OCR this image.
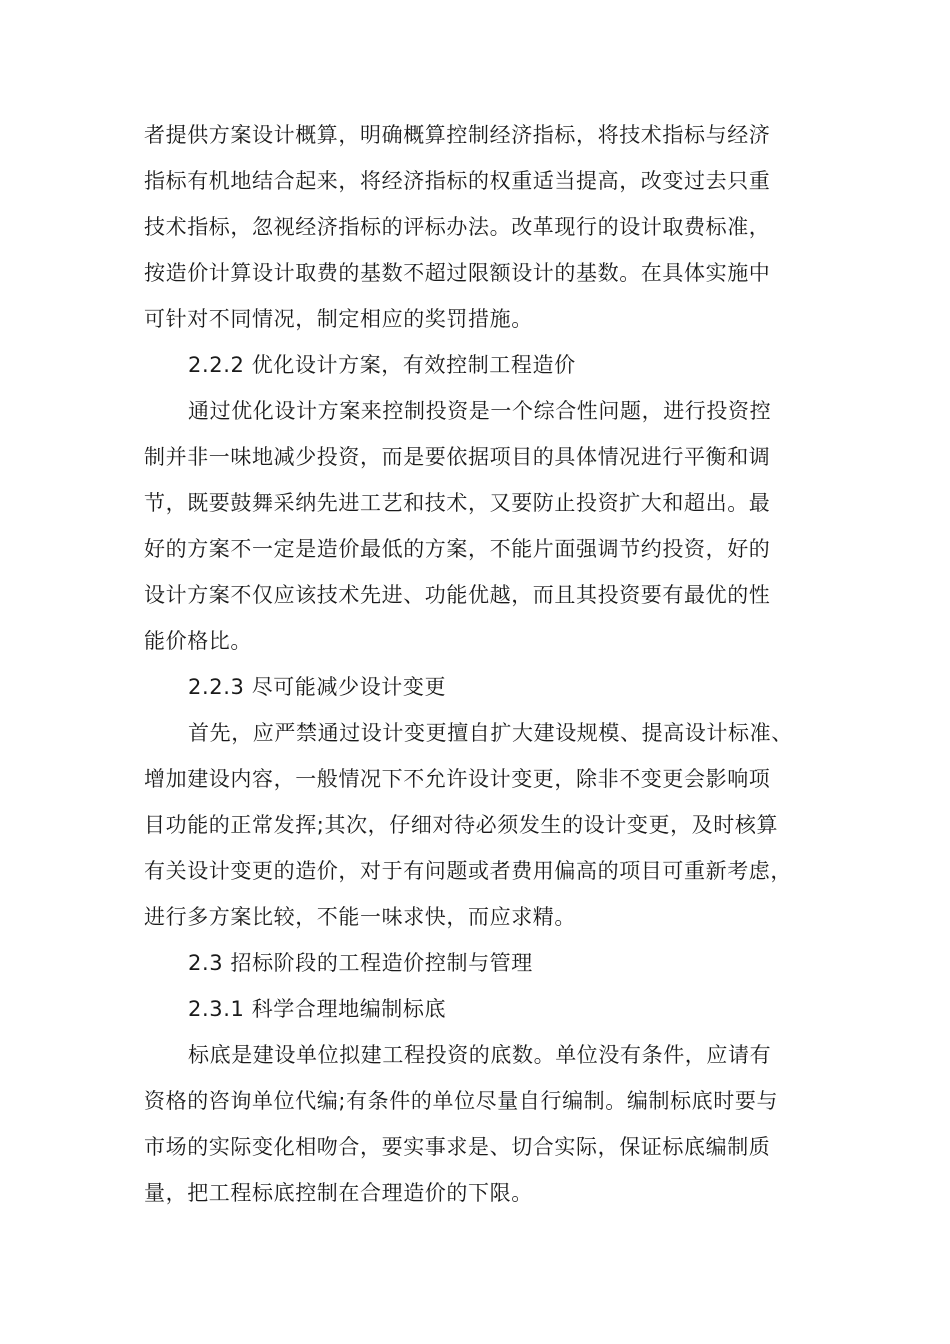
者提供方案设计概算，明确概算控制经济指标，将技术指标与经济
指标有机地结合起来，将经济指标的权重适当提高，改变过去只重
技术指标，忽视经济指标的评标办法。改革现行的设计取费标准，
按造价计算设计取费的基数不超过限额设计的基数。在具体实施中
可针对不同情况，制定相应的奖罚措施。
2.2.2 优化设计方案，有效控制工程造价
通过优化设计方案来控制投资是一个综合性问题，进行投资控
制并非一味地减少投资，而是要依据项目的具体情况进行平衡和调
节，既要鼓舞采纳先进工艺和技术，又要防止投资扩大和超出。最
好的方案不一定是造价最低的方案，不能片面强调节约投资，好的
设计方案不仅应该技术先进、功能优越，而且其投资要有最优的性
能价格比。
2.2.3 尽可能减少设计变更
首先，应严禁通过设计变更擅自扩大建设规模、提高设计标准、
增加建设内容，一般情况下不允许设计变更，除非不变更会影响项
目功能的正常发挥;其次，仔细对待必须发生的设计变更，及时核算
有关设计变更的造价，对于有问题或者费用偏高的项目可重新考虑，
进行多方案比较，不能一味求快，而应求精。
2.3 招标阶段的工程造价控制与管理
2.3.1 科学合理地编制标底
标底是建设单位拟建工程投资的底数。单位没有条件，应请有
资格的咨询单位代编;有条件的单位尽量自行编制。编制标底时要与
市场的实际变化相吻合，要实事求是、切合实际，保证标底编制质
量，把工程标底控制在合理造价的下限。
